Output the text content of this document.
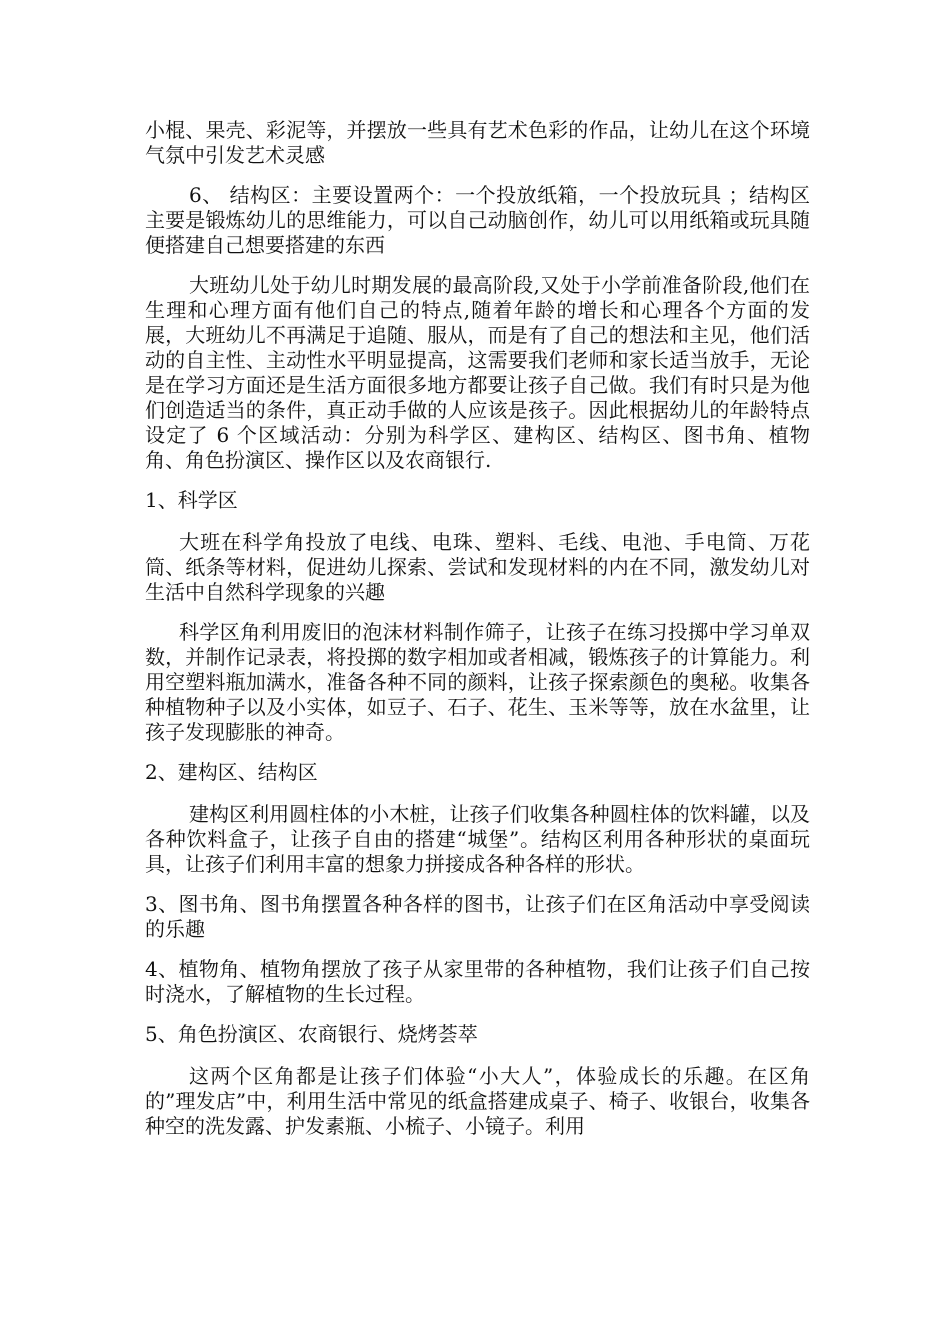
小棍、果壳、彩泥等，并摆放一些具有艺术色彩的作品，让幼儿在这个环境气氛中引发艺术灵感

6、 结构区：主要设置两个：一个投放纸箱，一个投放玩具 ；结构区主要是锻炼幼儿的思维能力，可以自己动脑创作，幼儿可以用纸箱或玩具随便搭建自己想要搭建的东西

大班幼儿处于幼儿时期发展的最高阶段,又处于小学前准备阶段,他们在生理和心理方面有他们自己的特点,随着年龄的增长和心理各个方面的发展，大班幼儿不再满足于追随、服从，而是有了自己的想法和主见，他们活动的自主性、主动性水平明显提高，这需要我们老师和家长适当放手，无论是在学习方面还是生活方面很多地方都要让孩子自己做。我们有时只是为他们创造适当的条件，真正动手做的人应该是孩子。因此根据幼儿的年龄特点设定了 6 个区域活动：分别为科学区、建构区、结构区、图书角、植物角、角色扮演区、操作区以及农商银行.

1、科学区

大班在科学角投放了电线、电珠、塑料、毛线、电池、手电筒、万花筒、纸条等材料，促进幼儿探索、尝试和发现材料的内在不同，激发幼儿对生活中自然科学现象的兴趣

科学区角利用废旧的泡沫材料制作筛子，让孩子在练习投掷中学习单双数，并制作记录表，将投掷的数字相加或者相减，锻炼孩子的计算能力。利用空塑料瓶加满水，准备各种不同的颜料，让孩子探索颜色的奥秘。收集各种植物种子以及小实体，如豆子、石子、花生、玉米等等，放在水盆里，让孩子发现膨胀的神奇。

2、建构区、结构区

建构区利用圆柱体的小木桩，让孩子们收集各种圆柱体的饮料罐，以及各种饮料盒子，让孩子自由的搭建“城堡”。结构区利用各种形状的桌面玩具，让孩子们利用丰富的想象力拼接成各种各样的形状。

3、图书角、图书角摆置各种各样的图书，让孩子们在区角活动中享受阅读的乐趣

4、植物角、植物角摆放了孩子从家里带的各种植物，我们让孩子们自己按时浇水，了解植物的生长过程。

5、角色扮演区、农商银行、烧烤荟萃

这两个区角都是让孩子们体验“小大人”，体验成长的乐趣。在区角的”理发店”中，利用生活中常见的纸盒搭建成桌子、椅子、收银台，收集各种空的洗发露、护发素瓶、小梳子、小镜子。利用
